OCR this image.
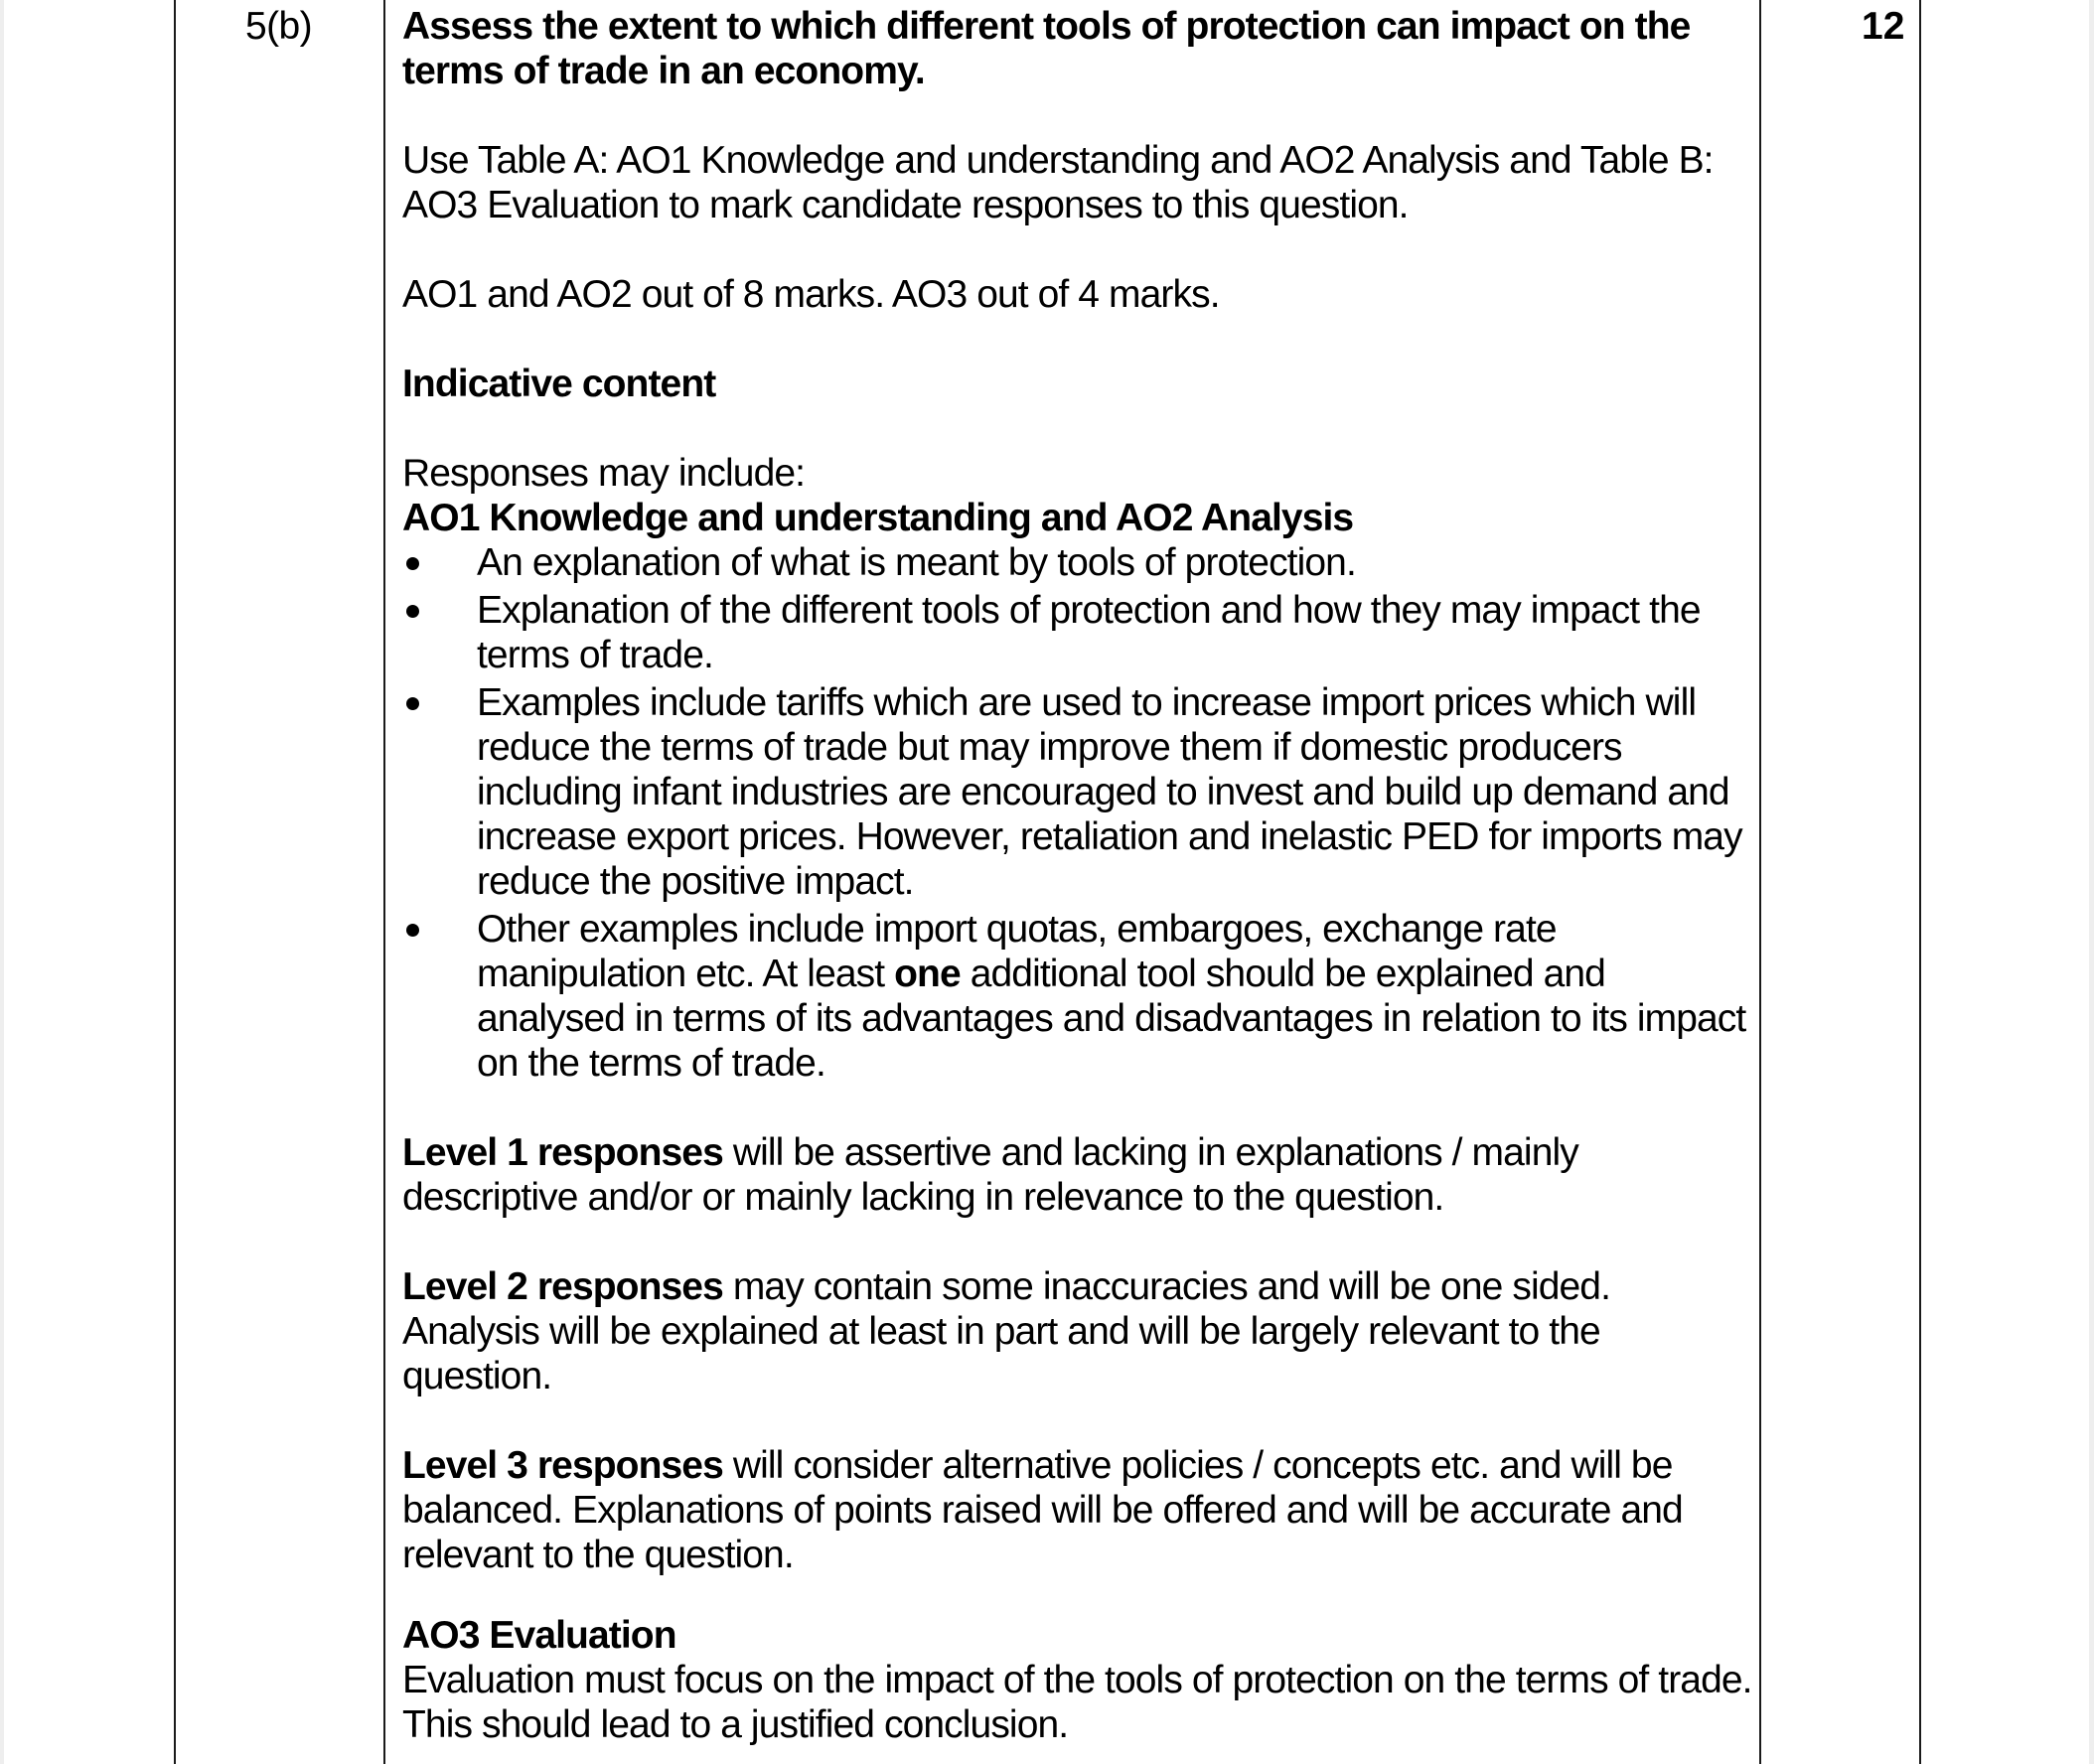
5(b)	12

Assess the extent to which different tools of protection can impact on the terms of trade in an economy.

Use Table A: AO1 Knowledge and understanding and AO2 Analysis and Table B: AO3 Evaluation to mark candidate responses to this question.

AO1 and AO2 out of 8 marks. AO3 out of 4 marks.

Indicative content

Responses may include:

AO1 Knowledge and understanding and AO2 Analysis

An explanation of what is meant by tools of protection.
Explanation of the different tools of protection and how they may impact the terms of trade.
Examples include tariffs which are used to increase import prices which will reduce the terms of trade but may improve them if domestic producers including infant industries are encouraged to invest and build up demand and increase export prices. However, retaliation and inelastic PED for imports may reduce the positive impact.
Other examples include import quotas, embargoes, exchange rate manipulation etc. At least one additional tool should be explained and analysed in terms of its advantages and disadvantages in relation to its impact on the terms of trade.

Level 1 responses will be assertive and lacking in explanations / mainly descriptive and/or or mainly lacking in relevance to the question.

Level 2 responses may contain some inaccuracies and will be one sided. Analysis will be explained at least in part and will be largely relevant to the question.

Level 3 responses will consider alternative policies / concepts etc. and will be balanced. Explanations of points raised will be offered and will be accurate and relevant to the question.

AO3 Evaluation

Evaluation must focus on the impact of the tools of protection on the terms of trade. This should lead to a justified conclusion.
